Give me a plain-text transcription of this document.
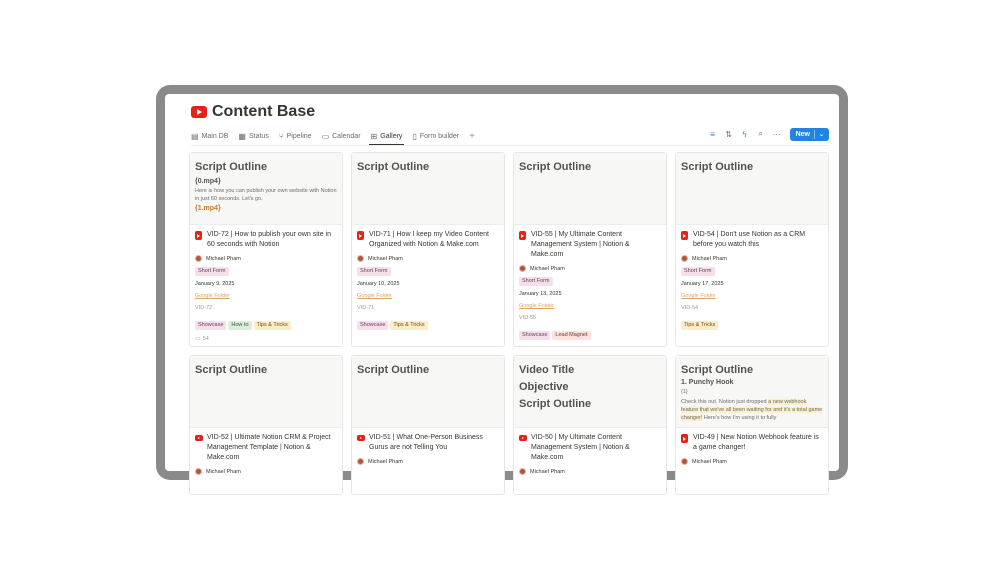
Content Base
▤ Main DB ▦ Status ⑂ Pipeline ▭ Calendar ⊞ Gallery ▯ Form builder +	≡ ⇅ ϟ ⌕ ··· New ⌄
Script Outline
{0.mp4}
Here is how you can publish your own website with Notion in just 60 seconds. Let's go.
{1.mp4}
VID-72 | How to publish your own site in 60 seconds with Notion
Michael Pham
Short Form
January 9, 2025
Google Folder
VID-72
Showcase How to Tips & Tricks
▭ 54
Script Outline
VID-71 | How I keep my Video Content Organized with Notion & Make.com
Michael Pham
Short Form
January 10, 2025
Google Folder
VID-71
Showcase Tips & Tricks
Script Outline
VID-55 | My Ultimate Content Management System | Notion & Make.com
Michael Pham
Short Form
January 13, 2025
Google Folder
VID-55
Showcase Lead Magnet
Script Outline
VID-54 | Don't use Notion as a CRM before you watch this
Michael Pham
Short Form
January 17, 2025
Google Folder
VID-54
Tips & Tricks
Script Outline
VID-52 | Ultimate Notion CRM & Project Management Template | Notion & Make.com
Michael Pham
Script Outline
VID-51 | What One-Person Business Gurus are not Telling You
Michael Pham
Video Title
Objective
Script Outline
VID-50 | My Ultimate Content Management System | Notion & Make.com
Michael Pham
Script Outline
1. Punchy Hook
{1}
Check this out. Notion just dropped a new webhook feature that we've all been waiting for and it's a total game changer! Here's how I'm using it to fully
VID-49 | New Notion Webhook feature is a game changer!
Michael Pham
